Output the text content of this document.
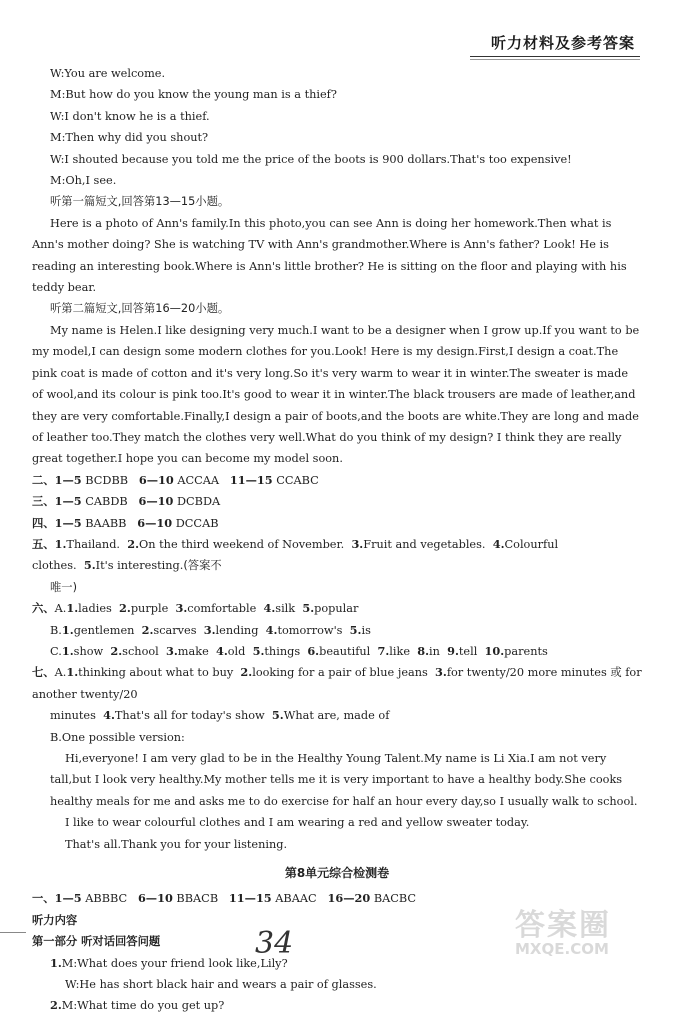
听力材料及参考答案

W:You are welcome.

M:But how do you know the young man is a thief?

W:I don't know he is a thief.

M:Then why did you shout?

W:I shouted because you told me the price of the boots is 900 dollars.That's too expensive!

M:Oh,I see.

听第一篇短文,回答第13—15小题。

Here is a photo of Ann's family.In this photo,you can see Ann is doing her homework.Then what is Ann's mother doing? She is watching TV with Ann's grandmother.Where is Ann's father? Look! He is reading an interesting book.Where is Ann's little brother? He is sitting on the floor and playing with his teddy bear.

听第二篇短文,回答第16—20小题。

My name is Helen.I like designing very much.I want to be a designer when I grow up.If you want to be my model,I can design some modern clothes for you.Look! Here is my design.First,I design a coat.The pink coat is made of cotton and it's very long.So it's very warm to wear it in winter.The sweater is made of wool,and its colour is pink too.It's good to wear it in winter.The black trousers are made of leather,and they are very comfortable.Finally,I design a pair of boots,and the boots are white.They are long and made of leather too.They match the clothes very well.What do you think of my design? I think they are really great together.I hope you can become my model soon.

二、1—5 BCDBB 6—10 ACCAA 11—15 CCABC

三、1—5 CABDB 6—10 DCBDA

四、1—5 BAABB 6—10 DCCAB

五、1.Thailand. 2.On the third weekend of November. 3.Fruit and vegetables. 4.Colourful clothes. 5.It's interesting.(答案不

唯一)

六、A.1.ladies 2.purple 3.comfortable 4.silk 5.popular

B.1.gentlemen 2.scarves 3.lending 4.tomorrow's 5.is

C.1.show 2.school 3.make 4.old 5.things 6.beautiful 7.like 8.in 9.tell 10.parents

七、A.1.thinking about what to buy 2.looking for a pair of blue jeans 3.for twenty/20 more minutes 或 for another twenty/20

minutes 4.That's all for today's show 5.What are, made of

B.One possible version:

Hi,everyone! I am very glad to be in the Healthy Young Talent.My name is Li Xia.I am not very tall,but I look very healthy.My mother tells me it is very important to have a healthy body.She cooks healthy meals for me and asks me to do exercise for half an hour every day,so I usually walk to school.

I like to wear colourful clothes and I am wearing a red and yellow sweater today.

That's all.Thank you for your listening.

第8单元综合检测卷

一、1—5 ABBBC 6—10 BBACB 11—15 ABAAC 16—20 BACBC

听力内容

第一部分 听对话回答问题

1.M:What does your friend look like,Lily?

W:He has short black hair and wears a pair of glasses.

2.M:What time do you get up?

34
答案圈
MXQE.COM
